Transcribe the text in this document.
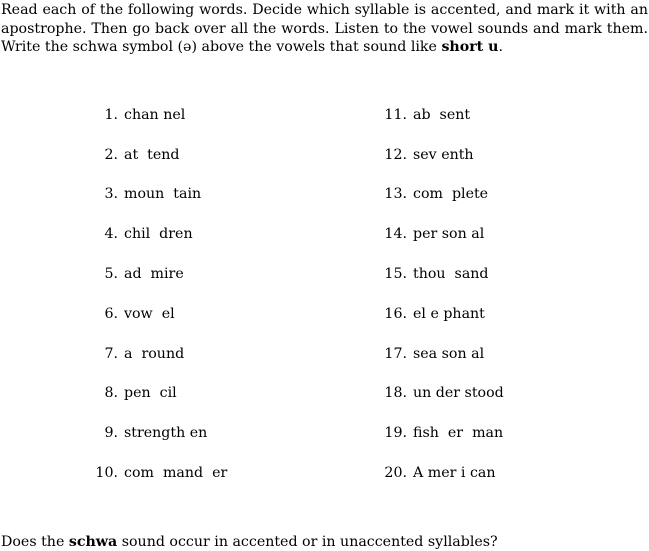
Read each of the following words. Decide which syllable is accented, and mark it with an apostrophe. Then go back over all the words. Listen to the vowel sounds and mark them. Write the schwa symbol (ə) above the vowels that sound like short u.
1. chan nel
2. at  tend
3. moun  tain
4. chil  dren
5. ad  mire
6. vow  el
7. a  round
8. pen  cil
9. strength en
10. com  mand  er
11. ab  sent
12. sev enth
13. com  plete
14. per son al
15. thou  sand
16. el e phant
17. sea son al
18. un der stood
19. fish  er  man
20. A mer i can
Does the schwa sound occur in accented or in unaccented syllables?
